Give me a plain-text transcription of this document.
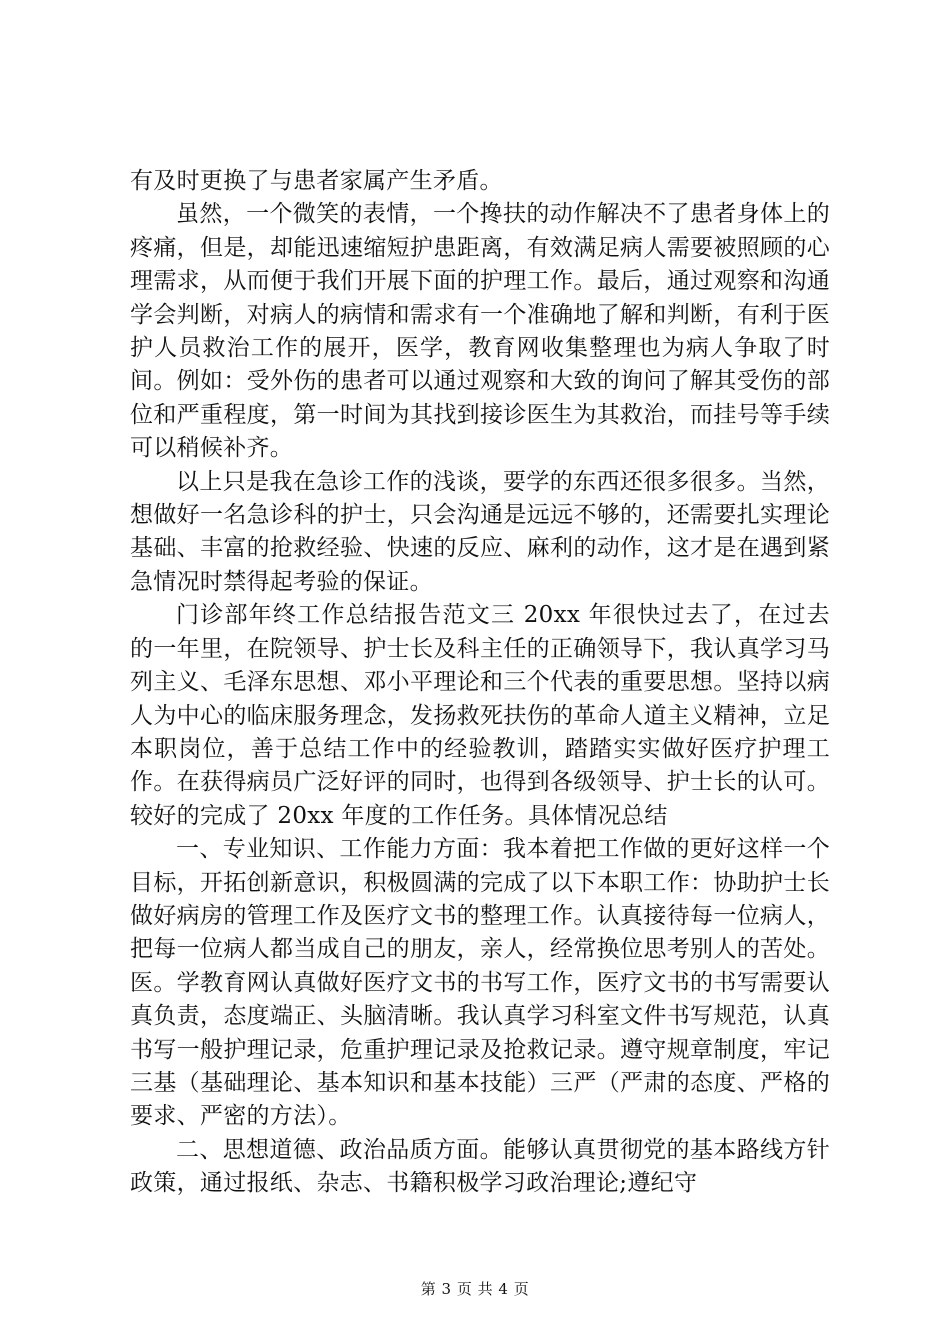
有及时更换了与患者家属产生矛盾。

虽然，一个微笑的表情，一个搀扶的动作解决不了患者身体上的疼痛，但是，却能迅速缩短护患距离，有效满足病人需要被照顾的心理需求，从而便于我们开展下面的护理工作。最后，通过观察和沟通学会判断，对病人的病情和需求有一个准确地了解和判断，有利于医护人员救治工作的展开，医学，教育网收集整理也为病人争取了时间。例如：受外伤的患者可以通过观察和大致的询问了解其受伤的部位和严重程度，第一时间为其找到接诊医生为其救治，而挂号等手续可以稍候补齐。

以上只是我在急诊工作的浅谈，要学的东西还很多很多。当然，想做好一名急诊科的护士，只会沟通是远远不够的，还需要扎实理论基础、丰富的抢救经验、快速的反应、麻利的动作，这才是在遇到紧急情况时禁得起考验的保证。

门诊部年终工作总结报告范文三 20xx 年很快过去了，在过去的一年里，在院领导、护士长及科主任的正确领导下，我认真学习马列主义、毛泽东思想、邓小平理论和三个代表的重要思想。坚持以病人为中心的临床服务理念，发扬救死扶伤的革命人道主义精神，立足本职岗位，善于总结工作中的经验教训，踏踏实实做好医疗护理工作。在获得病员广泛好评的同时，也得到各级领导、护士长的认可。较好的完成了 20xx 年度的工作任务。具体情况总结

一、专业知识、工作能力方面：我本着把工作做的更好这样一个目标，开拓创新意识，积极圆满的完成了以下本职工作：协助护士长做好病房的管理工作及医疗文书的整理工作。认真接待每一位病人，把每一位病人都当成自己的朋友，亲人，经常换位思考别人的苦处。医。学教育网认真做好医疗文书的书写工作，医疗文书的书写需要认真负责，态度端正、头脑清晰。我认真学习科室文件书写规范，认真书写一般护理记录，危重护理记录及抢救记录。遵守规章制度，牢记三基（基础理论、基本知识和基本技能）三严（严肃的态度、严格的要求、严密的方法）。

二、思想道德、政治品质方面。能够认真贯彻党的基本路线方针政策，通过报纸、杂志、书籍积极学习政治理论;遵纪守

第 3 页 共 4 页
